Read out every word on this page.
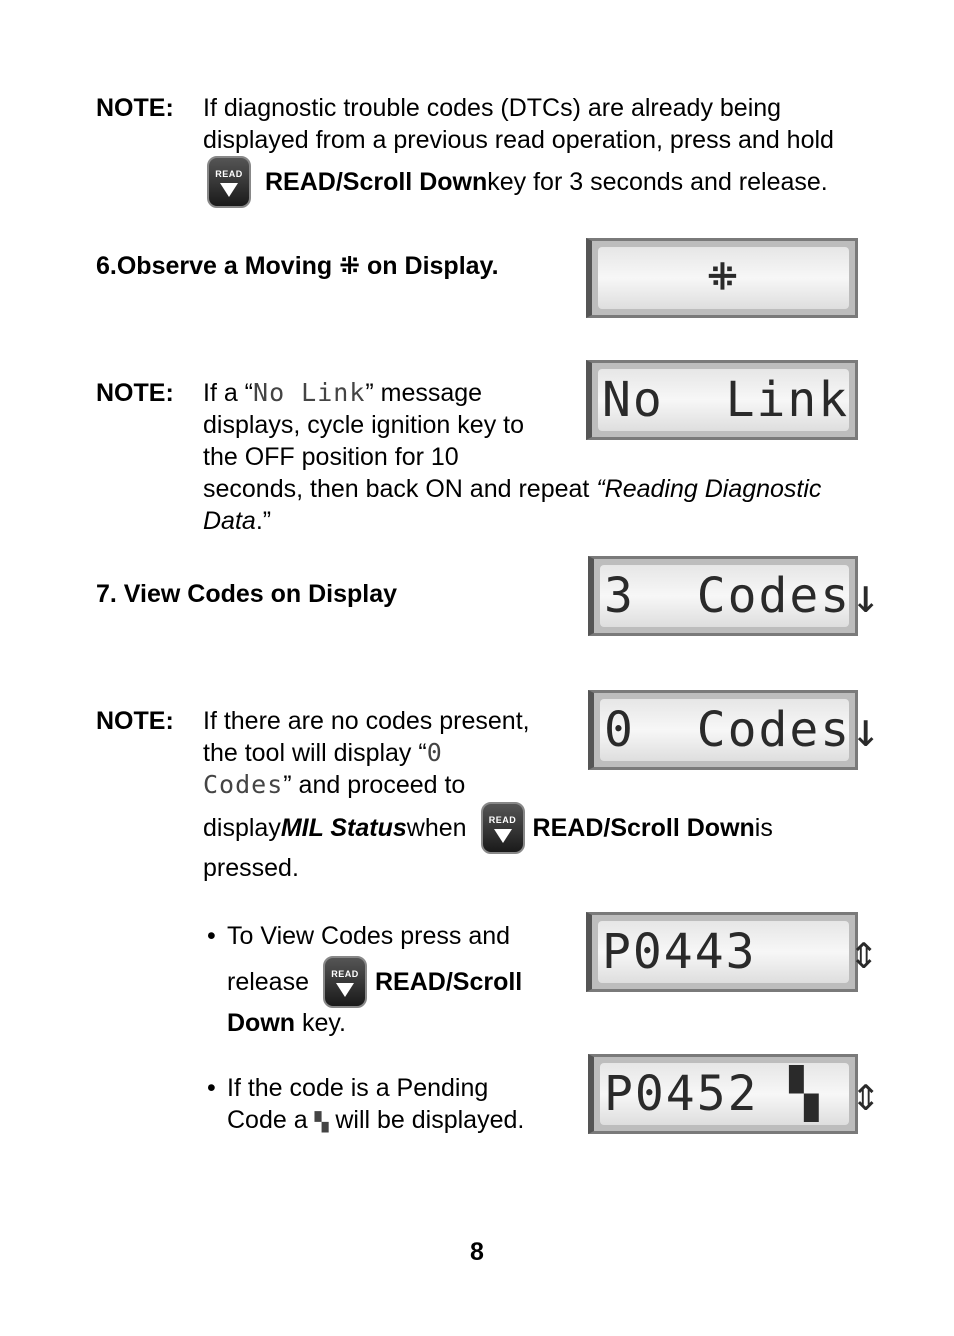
NOTE: If diagnostic trouble codes (DTCs) are already being
displayed from a previous read operation, press and hold
READ READ/Scroll Down key for 3 seconds and release.
6.Observe a Moving ⁜ on Display.	⁜
NOTE: If a “No Link” message
displays, cycle ignition key to
the OFF position for 10
seconds, then back ON and repeat “Reading Diagnostic
Data.”
No  Link
7. View Codes on Display	3  Codes↓
NOTE: If there are no codes present,
the tool will display “0
Codes” and proceed to
display MIL Status when READ READ/Scroll Down is
pressed.
0  Codes↓
• To View Codes press and
release READ READ/Scroll
Down key.
P0443   ⇕
• If the code is a Pending
Code a ▚ will be displayed. P0452 ▚ ⇕
8
